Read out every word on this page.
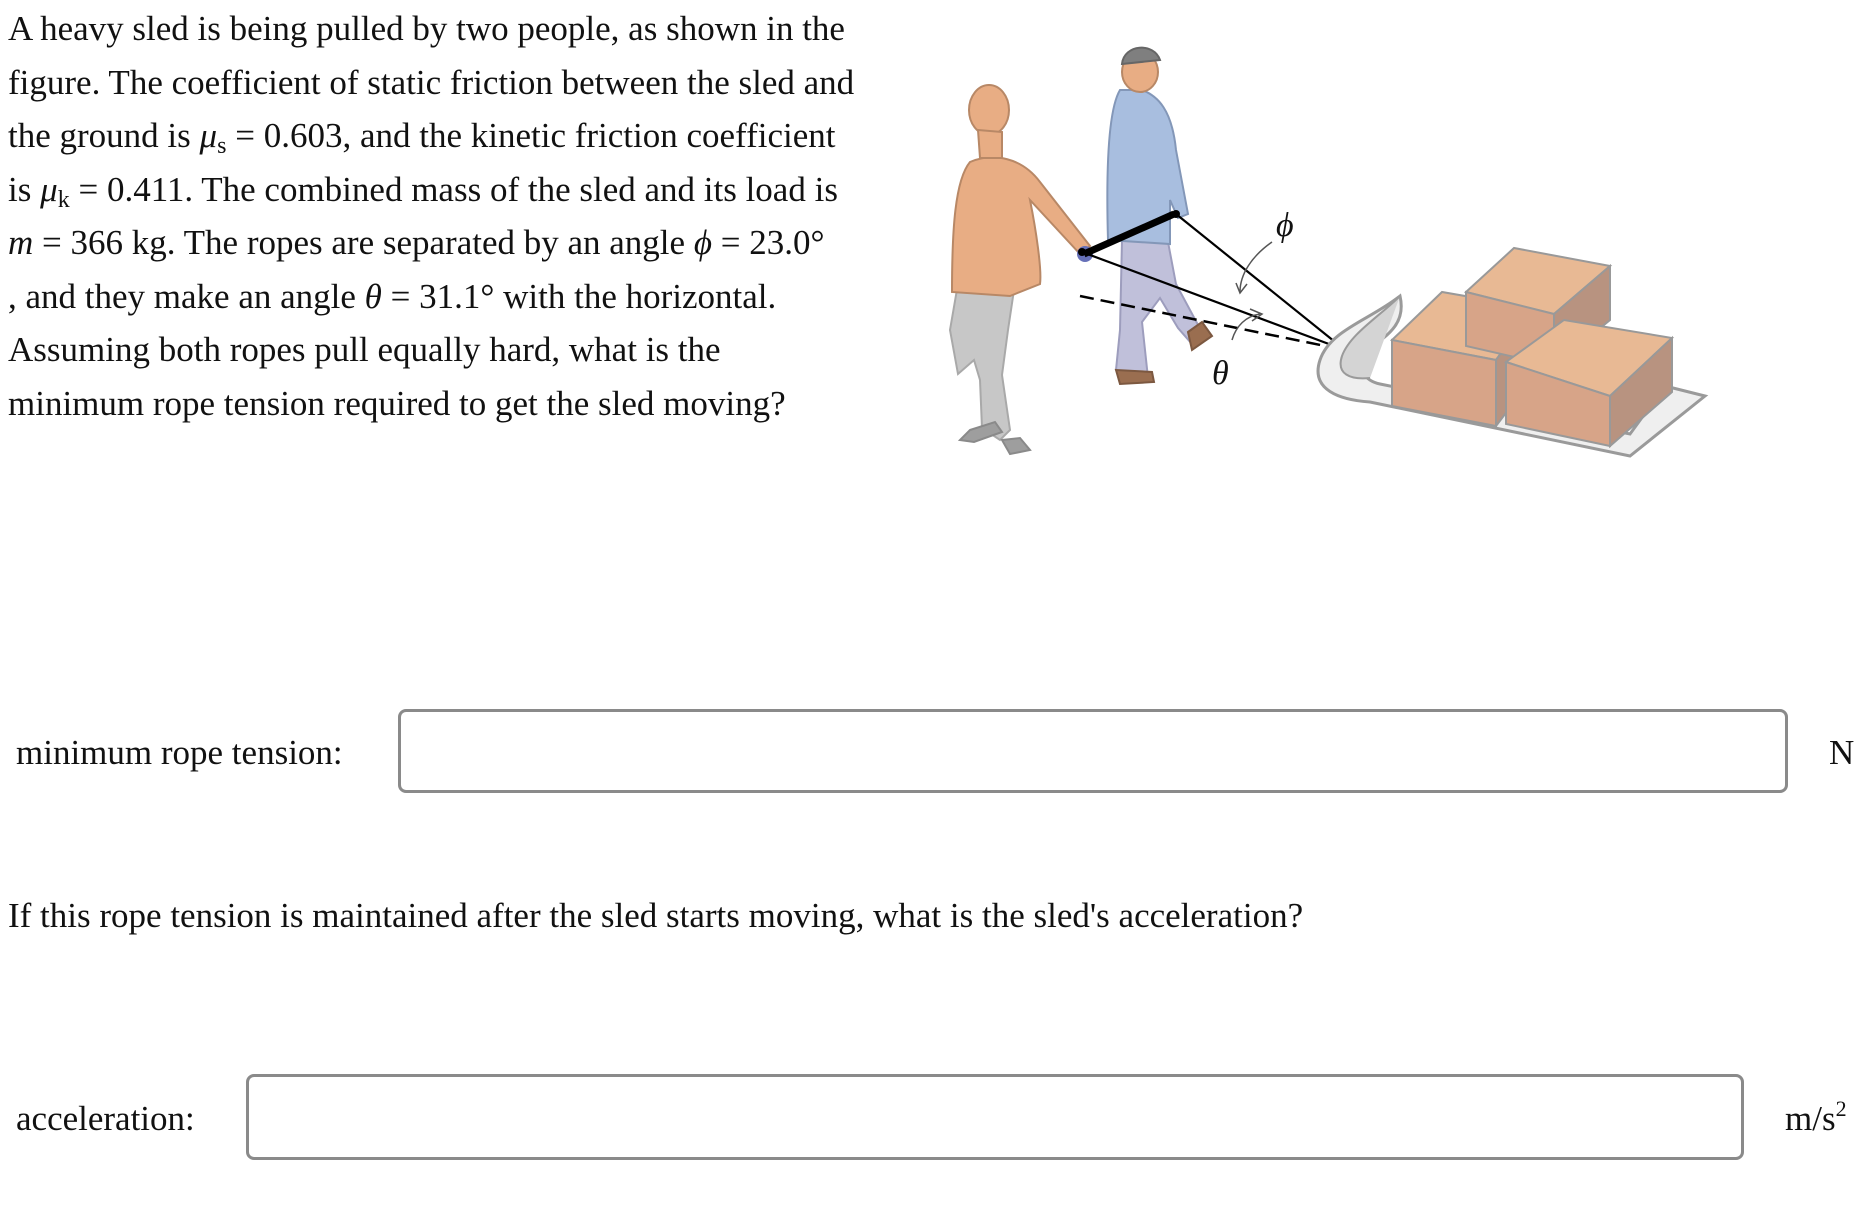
A heavy sled is being pulled by two people, as shown in the
figure. The coefficient of static friction between the sled and
the ground is $\mu_s = 0.603$, and the kinetic friction coefficient
is $\mu_k = 0.411$. The combined mass of the sled and its load is
m = 366 kg. The ropes are separated by an angle ϕ = 23.0°
, and they make an angle θ = 31.1° with the horizontal.
Assuming both ropes pull equally hard, what is the
minimum rope tension required to get the sled moving?
ϕ
θ
minimum rope tension:	N
If this rope tension is maintained after the sled starts moving, what is the sled's acceleration?
acceleration:	$m/s^2$
